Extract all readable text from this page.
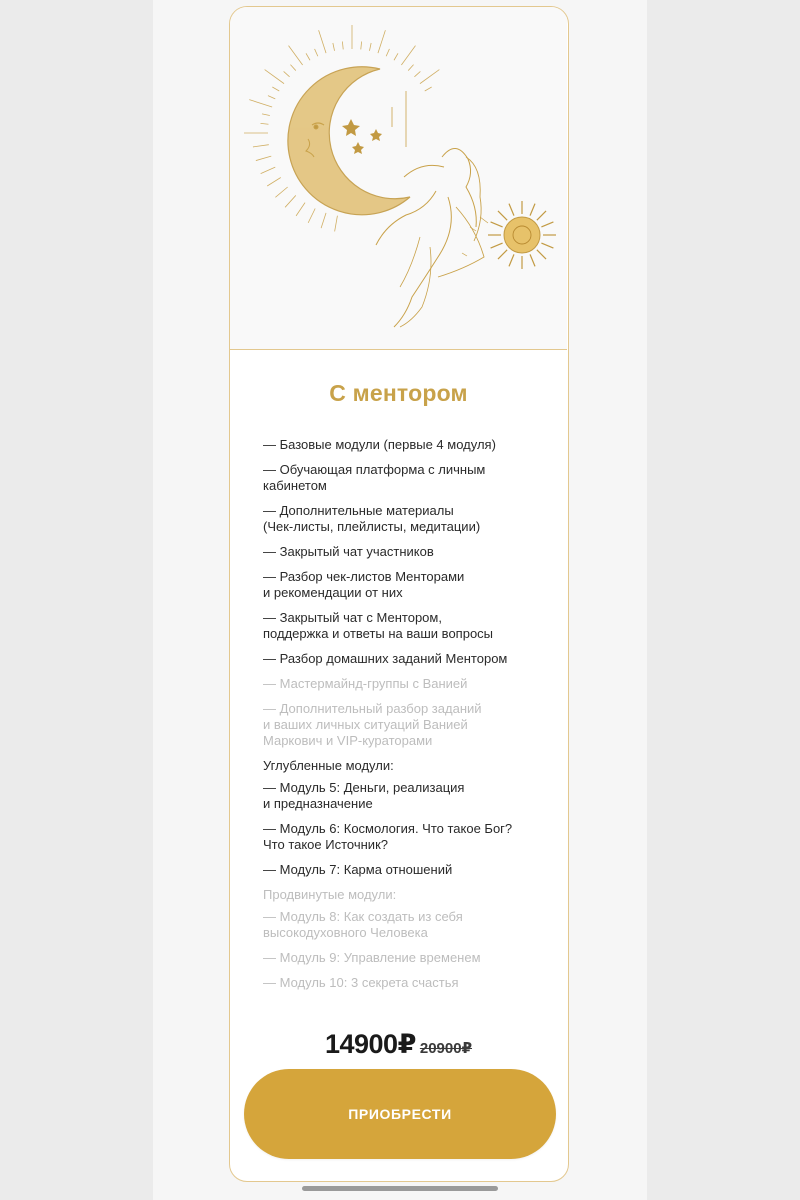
С ментором
— Базовые модули (первые 4 модуля)
— Обучающая платформа с личным
кабинетом
— Дополнительные материалы
(Чек-листы, плейлисты, медитации)
— Закрытый чат участников
— Разбор чек-листов Менторами
и рекомендации от них
— Закрытый чат с Ментором,
поддержка и ответы на ваши вопросы
— Разбор домашних заданий Ментором
— Мастермайнд-группы с Ванией
— Дополнительный разбор заданий
и ваших личных ситуаций Ванией
Маркович и VIP-кураторами
Углубленные модули:
— Модуль 5: Деньги, реализация
и предназначение
— Модуль 6: Космология. Что такое Бог?
Что такое Источник?
— Модуль 7: Карма отношений
Продвинутые модули:
— Модуль 8: Как создать из себя
высокодуховного Человека
— Модуль 9: Управление временем
— Модуль 10: 3 секрета счастья
14900₽ 20900₽
ПРИОБРЕСТИ
